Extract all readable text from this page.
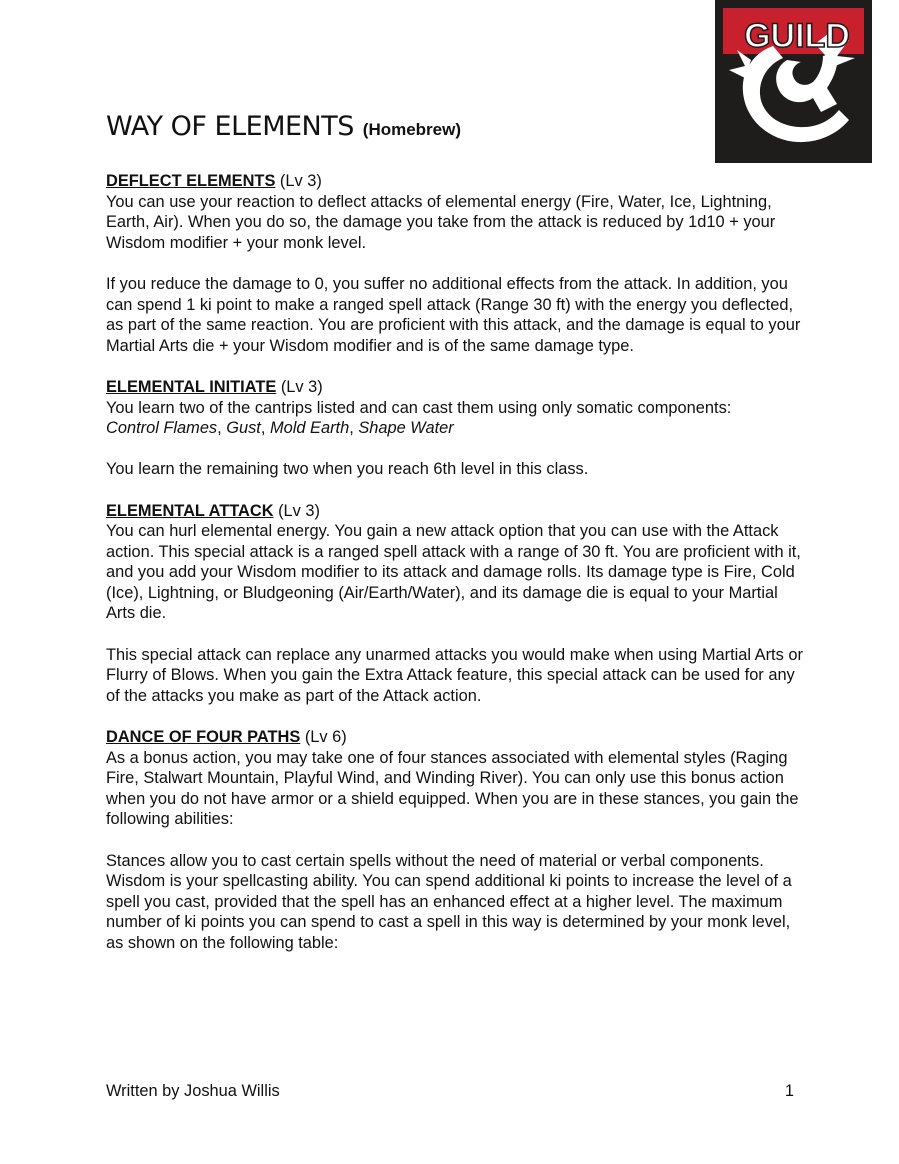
GUILD
WAY OF ELEMENTS (Homebrew)
DEFLECT ELEMENTS (Lv 3)

You can use your reaction to deflect attacks of elemental energy (Fire, Water, Ice, Lightning, Earth, Air). When you do so, the damage you take from the attack is reduced by 1d10 + your Wisdom modifier + your monk level.

If you reduce the damage to 0, you suffer no additional effects from the attack. In addition, you can spend 1 ki point to make a ranged spell attack (Range 30 ft) with the energy you deflected, as part of the same reaction. You are proficient with this attack, and the damage is equal to your Martial Arts die + your Wisdom modifier and is of the same damage type.

ELEMENTAL INITIATE (Lv 3)

You learn two of the cantrips listed and can cast them using only somatic components:
Control Flames, Gust, Mold Earth, Shape Water

You learn the remaining two when you reach 6th level in this class.

ELEMENTAL ATTACK (Lv 3)

You can hurl elemental energy. You gain a new attack option that you can use with the Attack action. This special attack is a ranged spell attack with a range of 30 ft. You are proficient with it, and you add your Wisdom modifier to its attack and damage rolls. Its damage type is Fire, Cold (Ice), Lightning, or Bludgeoning (Air/Earth/Water), and its damage die is equal to your Martial Arts die.

This special attack can replace any unarmed attacks you would make when using Martial Arts or Flurry of Blows. When you gain the Extra Attack feature, this special attack can be used for any of the attacks you make as part of the Attack action.

DANCE OF FOUR PATHS (Lv 6)

As a bonus action, you may take one of four stances associated with elemental styles (Raging Fire, Stalwart Mountain, Playful Wind, and Winding River). You can only use this bonus action when you do not have armor or a shield equipped. When you are in these stances, you gain the following abilities:

Stances allow you to cast certain spells without the need of material or verbal components. Wisdom is your spellcasting ability. You can spend additional ki points to increase the level of a spell you cast, provided that the spell has an enhanced effect at a higher level. The maximum number of ki points you can spend to cast a spell in this way is determined by your monk level, as shown on the following table:

Written by Joshua Willis	1
